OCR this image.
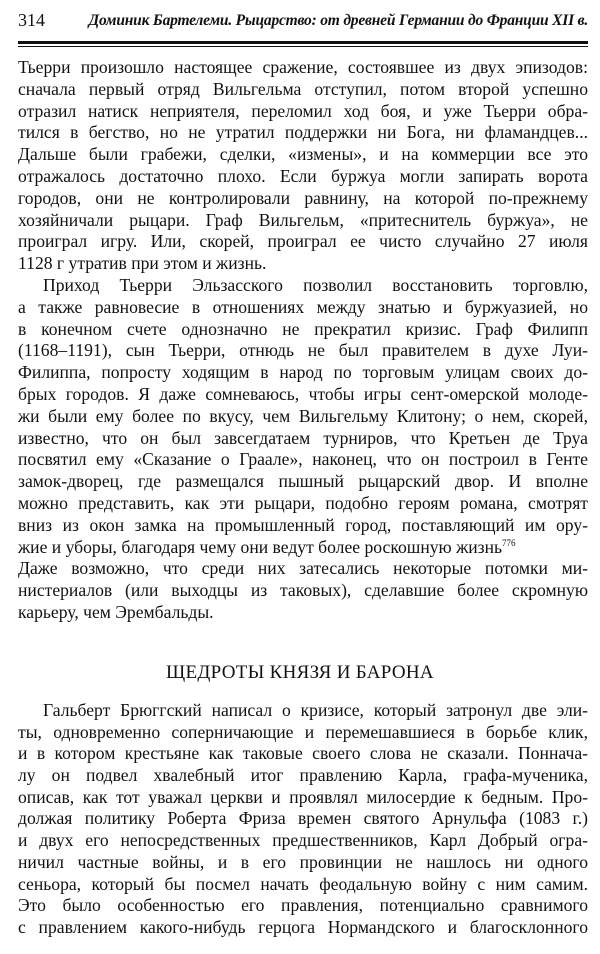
314	Доминик Бартелеми. Рыцарство: от древней Германии до Франции XII в.
Тьерри произошло настоящее сражение, состоявшее из двух эпизодов:
сначала первый отряд Вильгельма отступил, потом второй успешно
отразил натиск неприятеля, переломил ход боя, и уже Тьерри обра-
тился в бегство, но не утратил поддержки ни Бога, ни фламандцев...
Дальше были грабежи, сделки, «измены», и на коммерции все это
отражалось достаточно плохо. Если буржуа могли запирать ворота
городов, они не контролировали равнину, на которой по-прежнему
хозяйничали рыцари. Граф Вильгельм, «притеснитель буржуа», не
проиграл игру. Или, скорей, проиграл ее чисто случайно 27 июля
1128 г утратив при этом и жизнь.
Приход Тьерри Эльзасского позволил восстановить торговлю,
а также равновесие в отношениях между знатью и буржуазией, но
в конечном счете однозначно не прекратил кризис. Граф Филипп
(1168–1191), сын Тьерри, отнюдь не был правителем в духе Луи-
Филиппа, попросту ходящим в народ по торговым улицам своих до-
брых городов. Я даже сомневаюсь, чтобы игры сент-омерской молоде-
жи были ему более по вкусу, чем Вильгельму Клитону; о нем, скорей,
известно, что он был завсегдатаем турниров, что Кретьен де Труа
посвятил ему «Сказание о Граале», наконец, что он построил в Генте
замок-дворец, где размещался пышный рыцарский двор. И вполне
можно представить, как эти рыцари, подобно героям романа, смотрят
вниз из окон замка на промышленный город, поставляющий им ору-
жие и уборы, благодаря чему они ведут более роскошную жизнь$^{776}$
Даже возможно, что среди них затесались некоторые потомки ми-
нистериалов (или выходцы из таковых), сделавшие более скромную
карьеру, чем Эрембальды.
ЩЕДРОТЫ КНЯЗЯ И БАРОНА
Гальберт Брюггский написал о кризисе, который затронул две эли-
ты, одновременно соперничающие и перемешавшиеся в борьбе клик,
и в котором крестьяне как таковые своего слова не сказали. Поннача-
лу он подвел хвалебный итог правлению Карла, графа-мученика,
описав, как тот уважал церкви и проявлял милосердие к бедным. Про-
должая политику Роберта Фриза времен святого Арнульфа (1083 г.)
и двух его непосредственных предшественников, Карл Добрый огра-
ничил частные войны, и в его провинции не нашлось ни одного
сеньора, который бы посмел начать феодальную войну с ним самим.
Это было особенностью его правления, потенциально сравнимого
с правлением какого-нибудь герцога Нормандского и благосклонного
